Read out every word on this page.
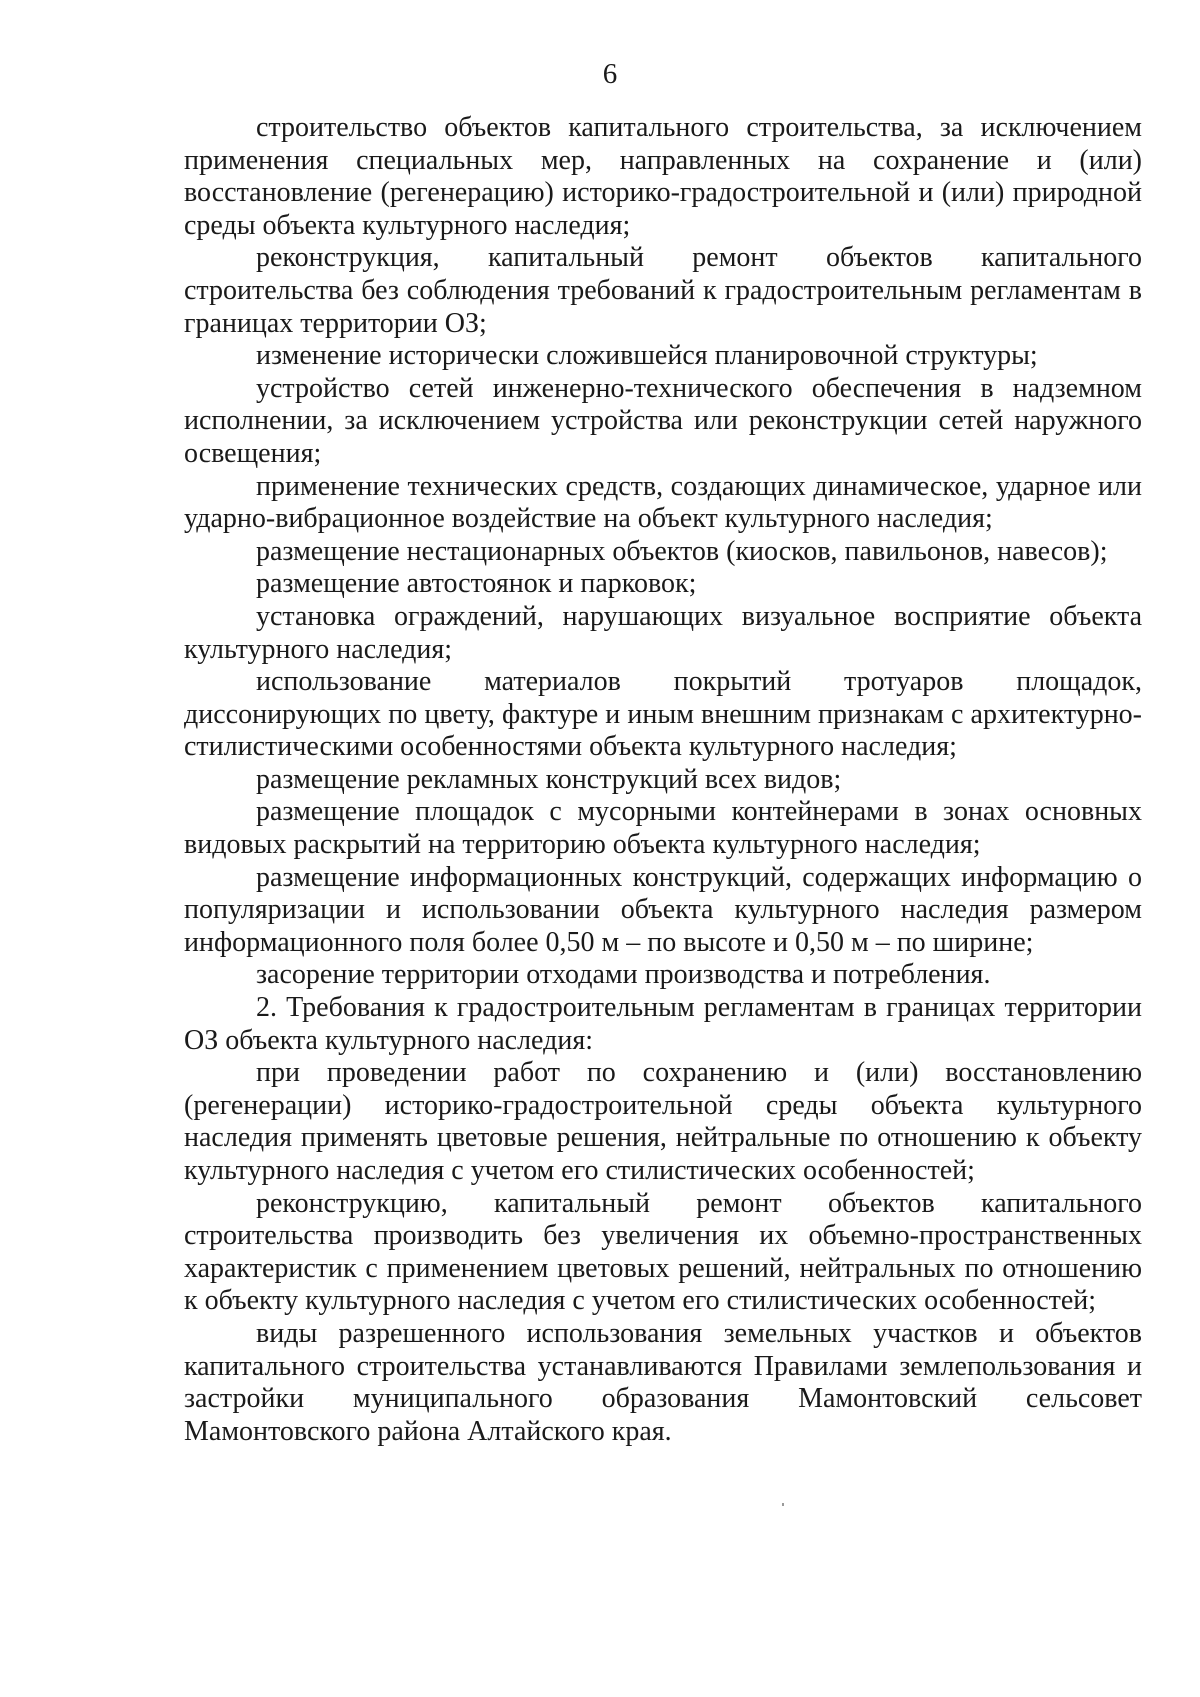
6

строительство объектов капитального строительства, за исключением применения специальных мер, направленных на сохранение и (или) восстановление (регенерацию) историко-градостроительной и (или) природной среды объекта культурного наследия;

реконструкция, капитальный ремонт объектов капитального строительства без соблюдения требований к градостроительным регламентам в границах территории ОЗ;

изменение исторически сложившейся планировочной структуры;

устройство сетей инженерно-технического обеспечения в надземном исполнении, за исключением устройства или реконструкции сетей наружного освещения;

применение технических средств, создающих динамическое, ударное или ударно-вибрационное воздействие на объект культурного наследия;

размещение нестационарных объектов (киосков, павильонов, навесов);

размещение автостоянок и парковок;

установка ограждений, нарушающих визуальное восприятие объекта культурного наследия;

использование материалов покрытий тротуаров площадок, диссонирующих по цвету, фактуре и иным внешним признакам с архитектурно-стилистическими особенностями объекта культурного наследия;

размещение рекламных конструкций всех видов;

размещение площадок с мусорными контейнерами в зонах основных видовых раскрытий на территорию объекта культурного наследия;

размещение информационных конструкций, содержащих информацию о популяризации и использовании объекта культурного наследия размером информационного поля более 0,50 м – по высоте и 0,50 м – по ширине;

засорение территории отходами производства и потребления.

2. Требования к градостроительным регламентам в границах территории ОЗ объекта культурного наследия:

при проведении работ по сохранению и (или) восстановлению (регенерации) историко-градостроительной среды объекта культурного наследия применять цветовые решения, нейтральные по отношению к объекту культурного наследия с учетом его стилистических особенностей;

реконструкцию, капитальный ремонт объектов капитального строительства производить без увеличения их объемно-пространственных характеристик с применением цветовых решений, нейтральных по отношению к объекту культурного наследия с учетом его стилистических особенностей;

виды разрешенного использования земельных участков и объектов капитального строительства устанавливаются Правилами землепользования и застройки муниципального образования Мамонтовский сельсовет Мамонтовского района Алтайского края.
